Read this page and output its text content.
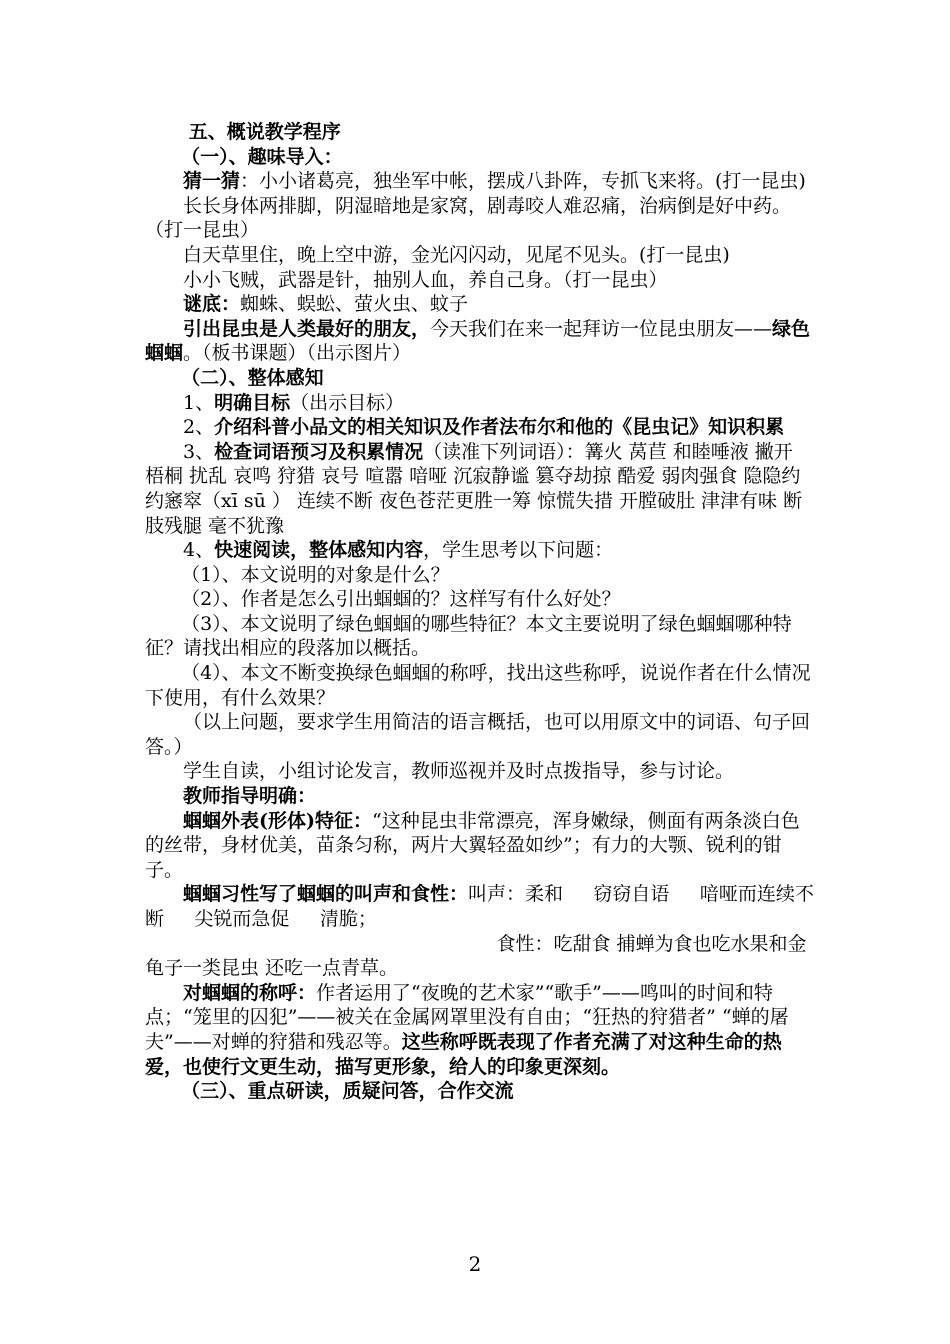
五、概说教学程序

（一）、趣味导入：

猜一猜：小小诸葛亮，独坐军中帐，摆成八卦阵，专抓飞来将。(打一昆虫)

长长身体两排脚，阴湿暗地是家窝，剧毒咬人难忍痛，治病倒是好中药。（打一昆虫）

白天草里住，晚上空中游，金光闪闪动，见尾不见头。(打一昆虫)

小小飞贼，武器是针，抽别人血，养自己身。（打一昆虫）

谜底：蜘蛛、蜈蚣、萤火虫、蚊子

引出昆虫是人类最好的朋友，今天我们在来一起拜访一位昆虫朋友——绿色蝈蝈。（板书课题）（出示图片）

（二）、整体感知

1、明确目标（出示目标）

2、介绍科普小品文的相关知识及作者法布尔和他的《昆虫记》知识积累

3、检查词语预习及积累情况（读准下列词语）：篝火 莴苣 和睦唾液 撇开 梧桐 扰乱 哀鸣 狩猎 哀号 喧嚣 喑哑 沉寂静谧 篡夺劫掠 酷爱 弱肉强食 隐隐约约窸窣（xī sū ） 连续不断 夜色苍茫更胜一筹 惊慌失措 开膛破肚 津津有味 断肢残腿 毫不犹豫

4、快速阅读，整体感知内容，学生思考以下问题：

（1）、本文说明的对象是什么？

（2）、作者是怎么引出蝈蝈的？这样写有什么好处？

（3）、本文说明了绿色蝈蝈的哪些特征？本文主要说明了绿色蝈蝈哪种特征？请找出相应的段落加以概括。

（4）、本文不断变换绿色蝈蝈的称呼，找出这些称呼，说说作者在什么情况下使用，有什么效果？

（以上问题，要求学生用简洁的语言概括，也可以用原文中的词语、句子回答。）

学生自读，小组讨论发言，教师巡视并及时点拨指导，参与讨论。

教师指导明确：

蝈蝈外表(形体)特征：“这种昆虫非常漂亮，浑身嫩绿，侧面有两条淡白色的丝带，身材优美，苗条匀称，两片大翼轻盈如纱”；有力的大颚、锐利的钳子。

蝈蝈习性写了蝈蝈的叫声和食性：叫声：柔和 窃窃自语 喑哑而连续不断 尖锐而急促 清脆；

食性：吃甜食 捕蝉为食也吃水果和金龟子一类昆虫 还吃一点青草。

对蝈蝈的称呼：作者运用了“夜晚的艺术家”“歌手”——鸣叫的时间和特点；“笼里的囚犯”——被关在金属网罩里没有自由；“狂热的狩猎者” “蝉的屠夫”——对蝉的狩猎和残忍等。这些称呼既表现了作者充满了对这种生命的热爱，也使行文更生动，描写更形象，给人的印象更深刻。

（三）、重点研读，质疑问答，合作交流

2
